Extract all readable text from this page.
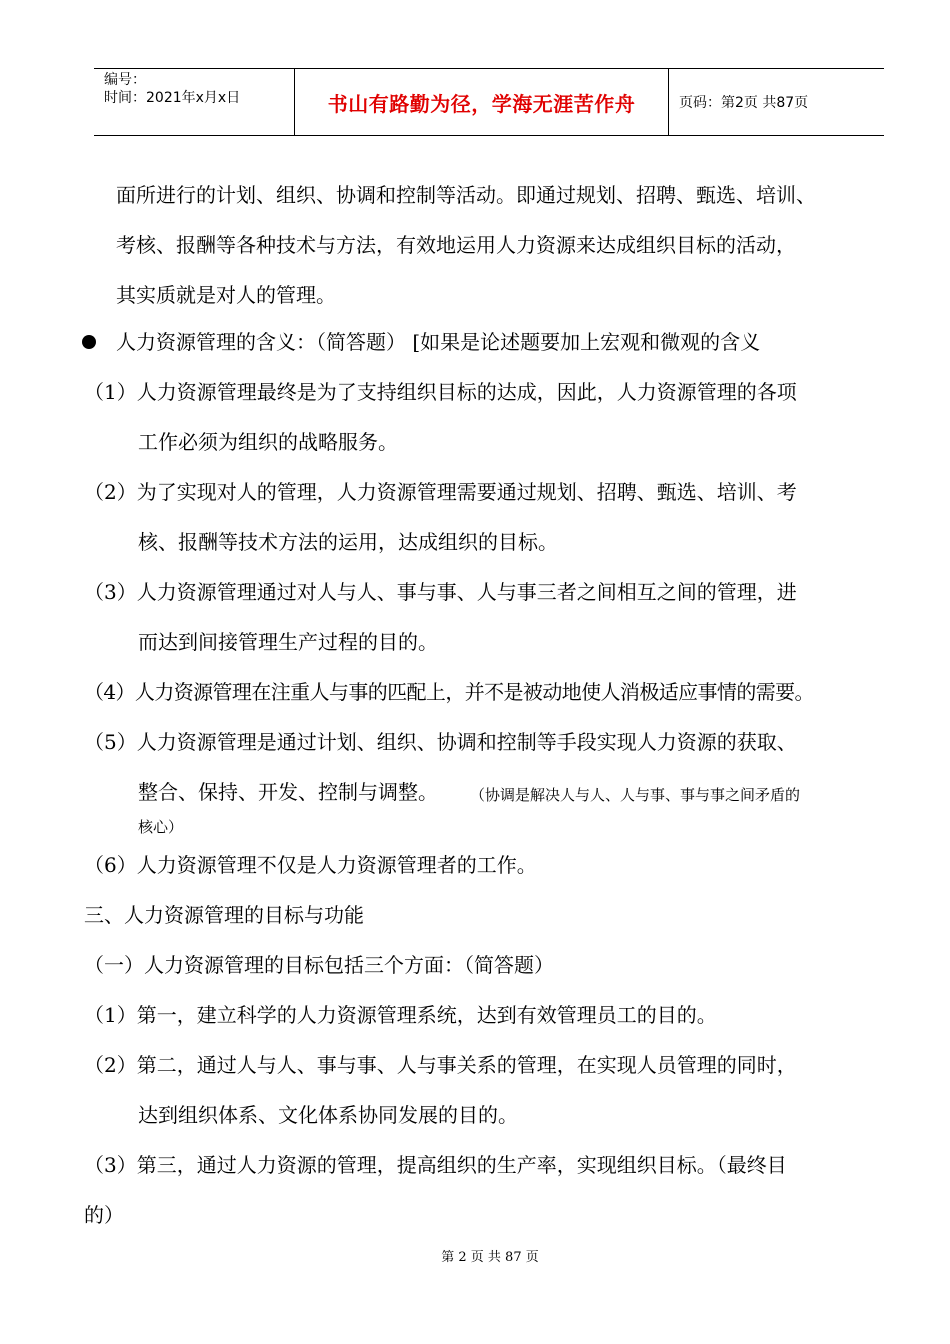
编号：
时间：2021年x月x日	书山有路勤为径，学海无涯苦作舟	页码：第2页 共87页
面所进行的计划、组织、协调和控制等活动。即通过规划、招聘、甄选、培训、
考核、报酬等各种技术与方法，有效地运用人力资源来达成组织目标的活动，
其实质就是对人的管理。
人力资源管理的含义：（简答题） [如果是论述题要加上宏观和微观的含义
（1）人力资源管理最终是为了支持组织目标的达成，因此，人力资源管理的各项
工作必须为组织的战略服务。
（2）为了实现对人的管理，人力资源管理需要通过规划、招聘、甄选、培训、考
核、报酬等技术方法的运用，达成组织的目标。
（3）人力资源管理通过对人与人、事与事、人与事三者之间相互之间的管理，进
而达到间接管理生产过程的目的。
（4）人力资源管理在注重人与事的匹配上，并不是被动地使人消极适应事情的需要。
（5）人力资源管理是通过计划、组织、协调和控制等手段实现人力资源的获取、
整合、保持、开发、控制与调整。 （协调是解决人与人、人与事、事与事之间矛盾的
核心）
（6）人力资源管理不仅是人力资源管理者的工作。
三、人力资源管理的目标与功能
（一）人力资源管理的目标包括三个方面：（简答题）
（1）第一，建立科学的人力资源管理系统，达到有效管理员工的目的。
（2）第二，通过人与人、事与事、人与事关系的管理，在实现人员管理的同时，
达到组织体系、文化体系协同发展的目的。
（3）第三，通过人力资源的管理，提高组织的生产率，实现组织目标。（最终目
的）
第 2 页 共 87 页
